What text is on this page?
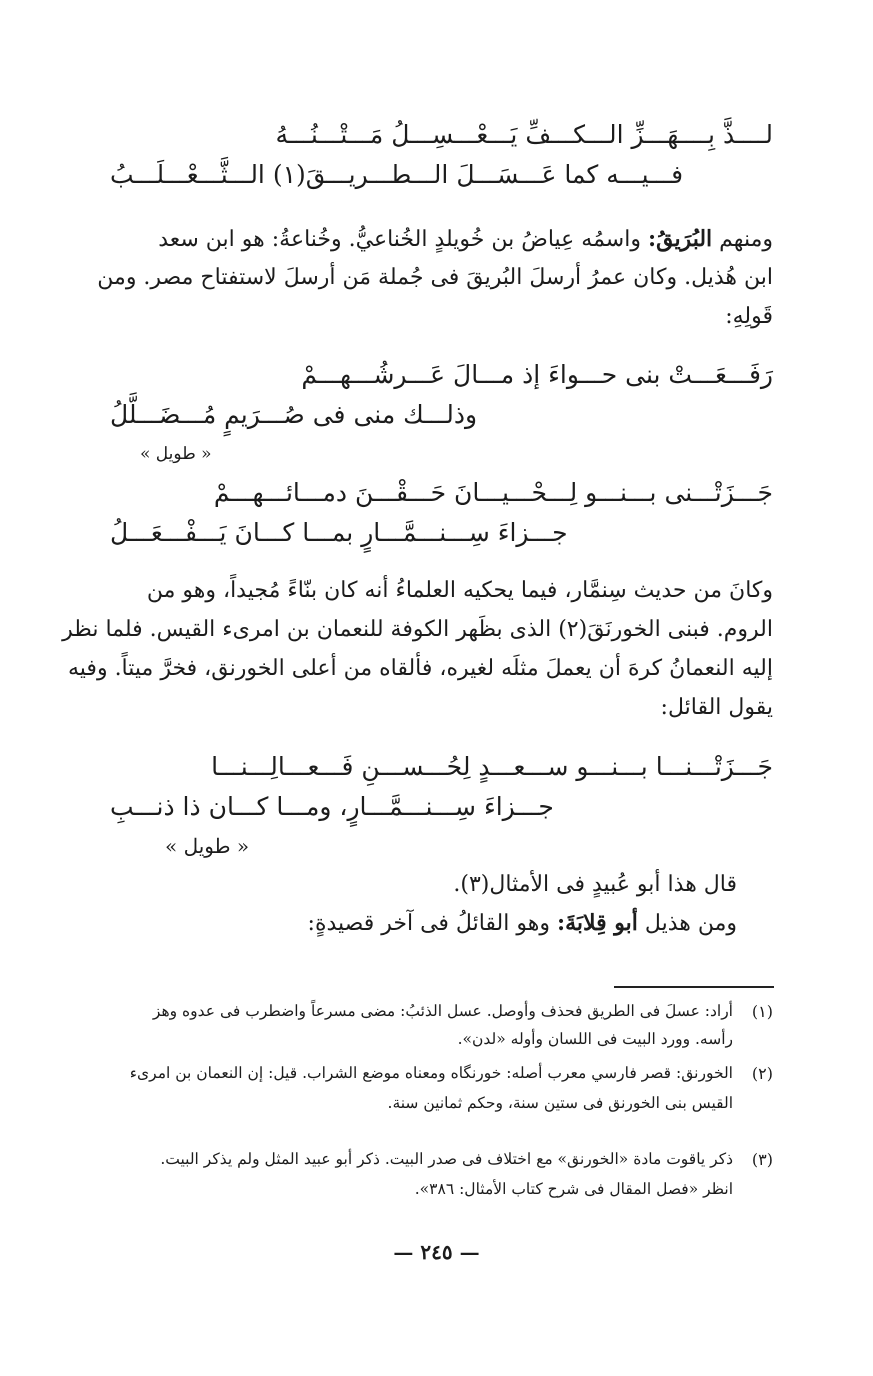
لــــذَّ بِــــهَـــزِّ الـــكـــفِّ يَـــعْـــسِـــلُ مَـــتْـــنُـــهُ
فـــيـــه كما عَـــسَـــلَ الـــطـــريـــقَ(١) الـــثَّـــعْـــلَـــبُ
ومنهم البُرَيقُ: واسمُه عِياضُ بن خُويلدٍ الخُناعيُّ. وخُناعةُ: هو ابن سعد
ابن هُذيل. وكان عمرُ أرسلَ البُريقَ فى جُملة مَن أرسلَ لاستفتاح مصر. ومن
قَولِهِ:
رَفَـــعَـــتْ بنى حـــواءَ إذ مـــالَ عَـــرشُـــهـــمْ
وذلـــك منى فى صُـــرَيمٍ مُـــضَـــلَّلُ
« طويل »
جَـــزَتْـــنى بـــنـــو لِـــحْـــيـــانَ حَـــقْـــنَ دمـــائـــهـــمْ
جـــزاءَ سِـــنـــمَّـــارٍ بمـــا كـــانَ يَـــفْـــعَـــلُ
وكانَ من حديث سِنمَّار، فيما يحكيه العلماءُ أنه كان بنّاءً مُجيداً، وهو من
الروم. فبنى الخورنَقَ(٢) الذى بظَهر الكوفة للنعمان بن امرىء القيس. فلما نظر
إليه النعمانُ كرهَ أن يعملَ مثلَه لغيره، فألقاه من أعلى الخورنق، فخرَّ ميتاً. وفيه
يقول القائل:
جَـــزَتْـــنـــا بـــنـــو ســـعـــدٍ لِحُـــســـنِ فَـــعـــالِـــنـــا
جـــزاءَ سِـــنـــمَّـــارٍ، ومـــا كـــان ذا ذنـــبِ
« طويل »
قال هذا أبو عُبيدٍ فى الأمثال(٣).
ومن هذيل أبو قِلابَةَ: وهو القائلُ فى آخر قصيدةٍ:
(١)
أراد: عسلَ فى الطريق فحذف وأوصل. عسل الذئبُ: مضى مسرعاً واضطرب فى عدوه وهز
رأسه. وورد البيت فى اللسان وأوله «لدن».
(٢)
الخورنق: قصر فارسي معرب أصله: خورنگاه ومعناه موضع الشراب. قيل: إن النعمان بن امرىء
القيس بنى الخورنق فى ستين سنة، وحكم ثمانين سنة.
(٣)
ذكر ياقوت مادة «الخورنق» مع اختلاف فى صدر البيت. ذكر أبو عبيد المثل ولم يذكر البيت.
انظر «فصل المقال فى شرح كتاب الأمثال: ٣٨٦».
— ٢٤٥ —
